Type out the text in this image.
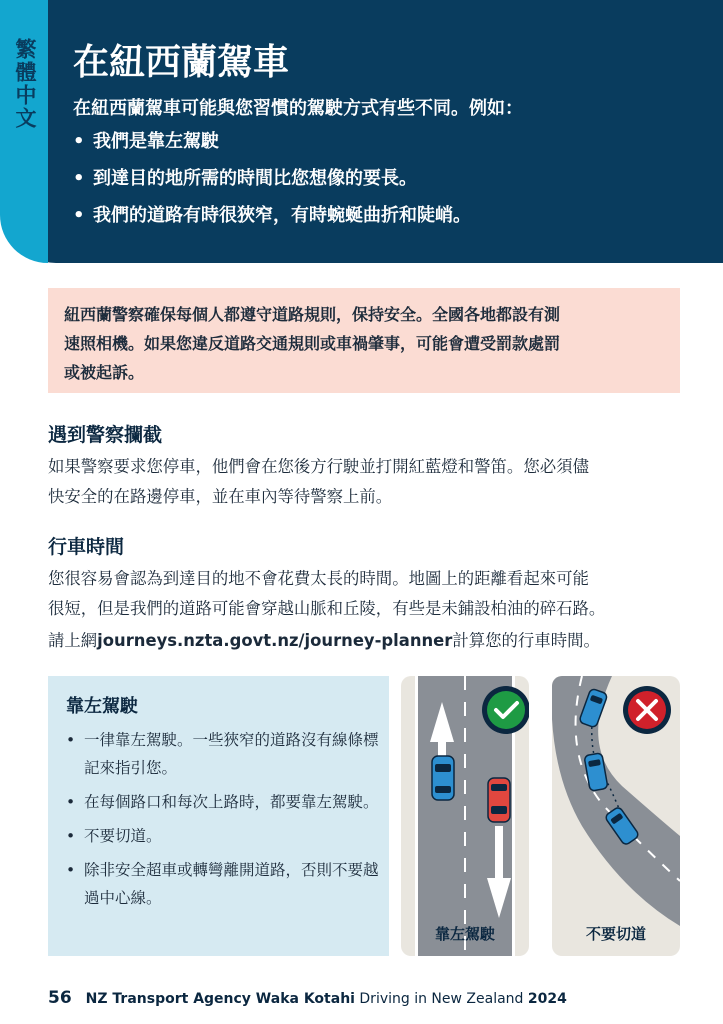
繁體中文 在紐西蘭駕車
在紐西蘭駕車可能與您習慣的駕駛方式有些不同。例如：
• 我們是靠左駕駛
• 到達目的地所需的時間比您想像的要長。
• 我們的道路有時很狹窄，有時蜿蜒曲折和陡峭。

紐西蘭警察確保每個人都遵守道路規則，保持安全。全國各地都設有測

速照相機。如果您違反道路交通規則或車禍肇事，可能會遭受罰款處罰

或被起訴。

遇到警察攔截
如果警察要求您停車，他們會在您後方行駛並打開紅藍燈和警笛。您必須儘
快安全的在路邊停車，並在車內等待警察上前。
行車時間
您很容易會認為到達目的地不會花費太長的時間。地圖上的距離看起來可能
很短，但是我們的道路可能會穿越山脈和丘陵，有些是未鋪設柏油的碎石路。
請上網journeys.nzta.govt.nz/journey-planner計算您的行車時間。
靠左駕駛
• 一律靠左駕駛。一些狹窄的道路沒有線條標記來指引您。
• 在每個路口和每次上路時，都要靠左駕駛。
• 不要切道。
• 除非安全超車或轉彎離開道路，否則不要越過中心線。
靠左駕駛	不要切道
56 NZ Transport Agency Waka Kotahi Driving in New Zealand 2024
